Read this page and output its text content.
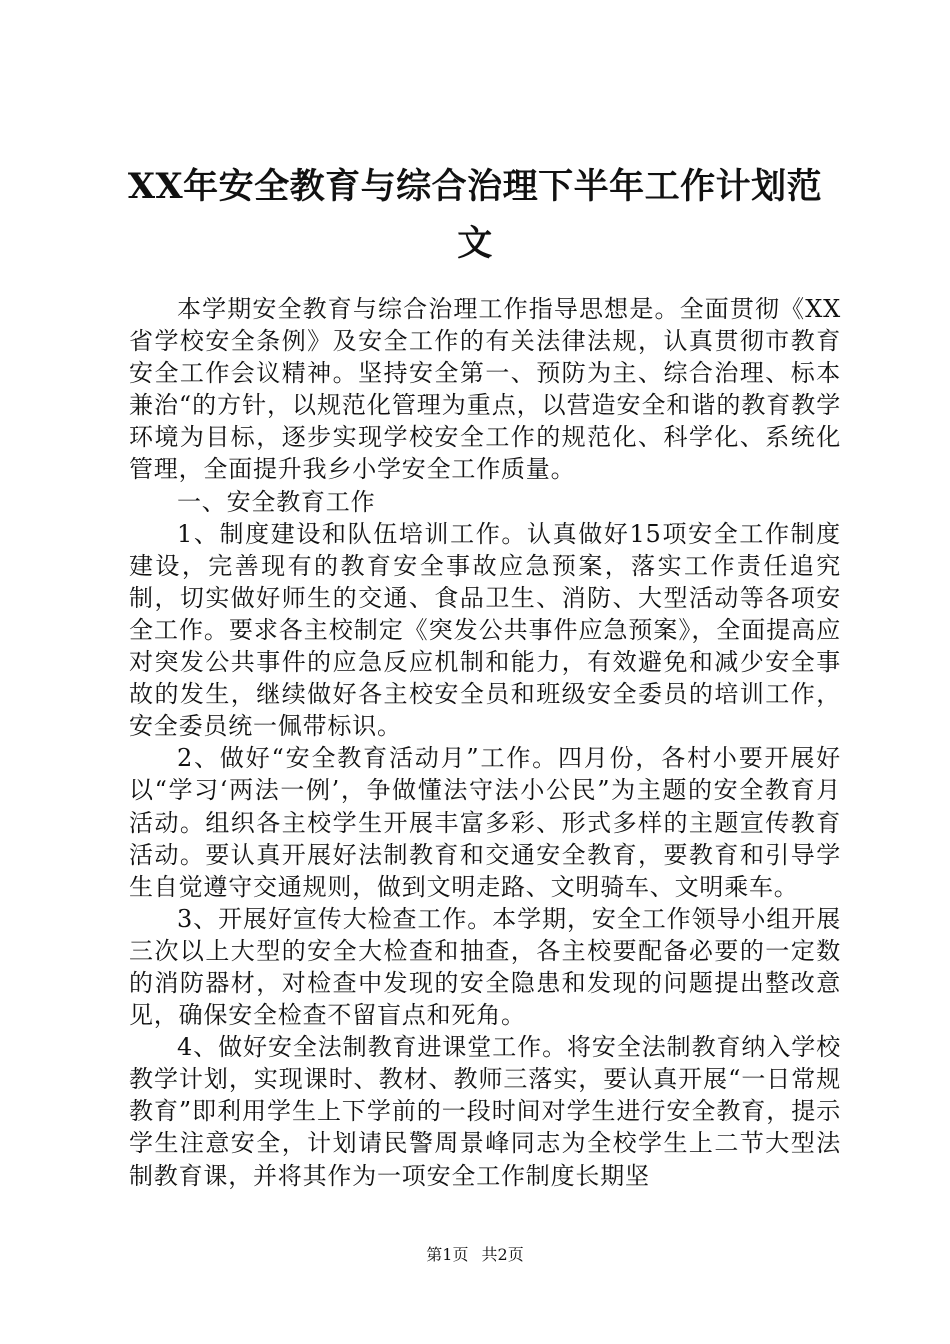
XX年安全教育与综合治理下半年工作计划范
文

本学期安全教育与综合治理工作指导思想是。全面贯彻《XX省学校安全条例》及安全工作的有关法律法规，认真贯彻市教育安全工作会议精神。坚持安全第一、预防为主、综合治理、标本兼治“的方针，以规范化管理为重点，以营造安全和谐的教育教学环境为目标，逐步实现学校安全工作的规范化、科学化、系统化管理，全面提升我乡小学安全工作质量。

一、安全教育工作

1、制度建设和队伍培训工作。认真做好15项安全工作制度建设，完善现有的教育安全事故应急预案，落实工作责任追究制，切实做好师生的交通、食品卫生、消防、大型活动等各项安全工作。要求各主校制定《突发公共事件应急预案》，全面提高应对突发公共事件的应急反应机制和能力，有效避免和减少安全事故的发生，继续做好各主校安全员和班级安全委员的培训工作，安全委员统一佩带标识。

2、做好“安全教育活动月”工作。四月份，各村小要开展好以“学习‘两法一例’，争做懂法守法小公民”为主题的安全教育月活动。组织各主校学生开展丰富多彩、形式多样的主题宣传教育活动。要认真开展好法制教育和交通安全教育，要教育和引导学生自觉遵守交通规则，做到文明走路、文明骑车、文明乘车。

3、开展好宣传大检查工作。本学期，安全工作领导小组开展三次以上大型的安全大检查和抽查，各主校要配备必要的一定数的消防器材，对检查中发现的安全隐患和发现的问题提出整改意见，确保安全检查不留盲点和死角。

4、做好安全法制教育进课堂工作。将安全法制教育纳入学校教学计划，实现课时、教材、教师三落实，要认真开展“一日常规教育”即利用学生上下学前的一段时间对学生进行安全教育，提示学生注意安全，计划请民警周景峰同志为全校学生上二节大型法制教育课，并将其作为一项安全工作制度长期坚

第1页 共2页
